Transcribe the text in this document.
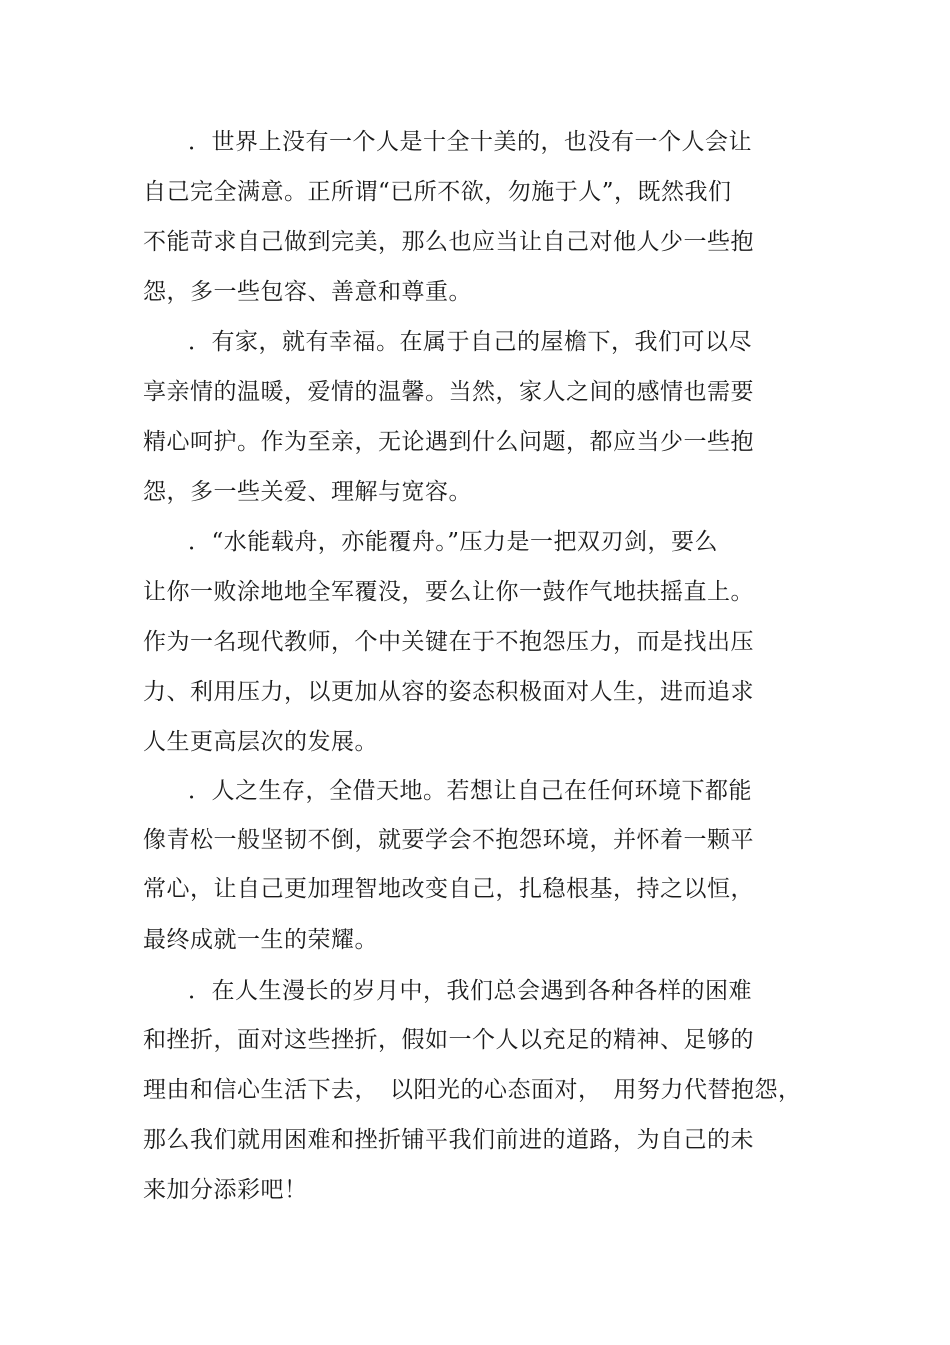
．世界上没有一个人是十全十美的，也没有一个人会让
自己完全满意。正所谓“已所不欲，勿施于人”，既然我们
不能苛求自己做到完美，那么也应当让自己对他人少一些抱
怨，多一些包容、善意和尊重。
．有家，就有幸福。在属于自己的屋檐下，我们可以尽
享亲情的温暖，爱情的温馨。当然，家人之间的感情也需要
精心呵护。作为至亲，无论遇到什么问题，都应当少一些抱
怨，多一些关爱、理解与宽容。
．“水能载舟，亦能覆舟。”压力是一把双刃剑，要么
让你一败涂地地全军覆没，要么让你一鼓作气地扶摇直上。
作为一名现代教师，个中关键在于不抱怨压力，而是找出压
力、利用压力，以更加从容的姿态积极面对人生，进而追求
人生更高层次的发展。
．人之生存，全借天地。若想让自己在任何环境下都能
像青松一般坚韧不倒，就要学会不抱怨环境，并怀着一颗平
常心，让自己更加理智地改变自己，扎稳根基，持之以恒，
最终成就一生的荣耀。
．在人生漫长的岁月中，我们总会遇到各种各样的困难
和挫折，面对这些挫折，假如一个人以充足的精神、足够的
理由和信心生活下去，　以阳光的心态面对，　用努力代替抱怨，
那么我们就用困难和挫折铺平我们前进的道路，为自己的未
来加分添彩吧！
